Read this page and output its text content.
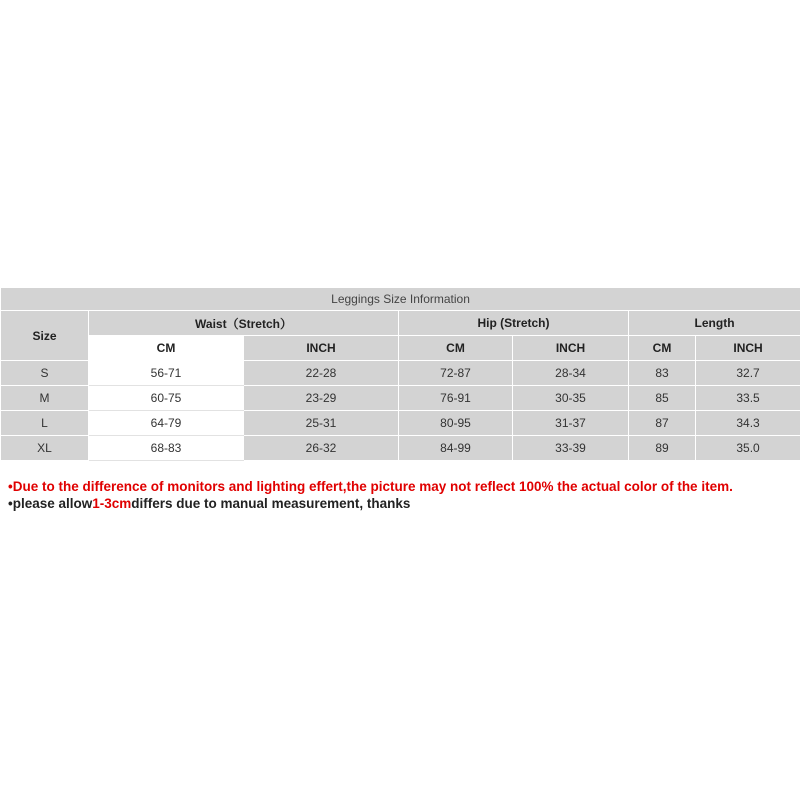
Leggings Size Information						
Size	Waist（Stretch）		Hip (Stretch)		Length	
	CM	INCH	CM	INCH	CM	INCH
S	56-71	22-28	72-87	28-34	83	32.7
M	60-75	23-29	76-91	30-35	85	33.5
L	64-79	25-31	80-95	31-37	87	34.3
XL	68-83	26-32	84-99	33-39	89	35.0
•Due to the difference of monitors and lighting effert,the picture may not reflect 100% the actual color of the item.
•please allow1-3cmdiffers due to manual measurement, thanks
